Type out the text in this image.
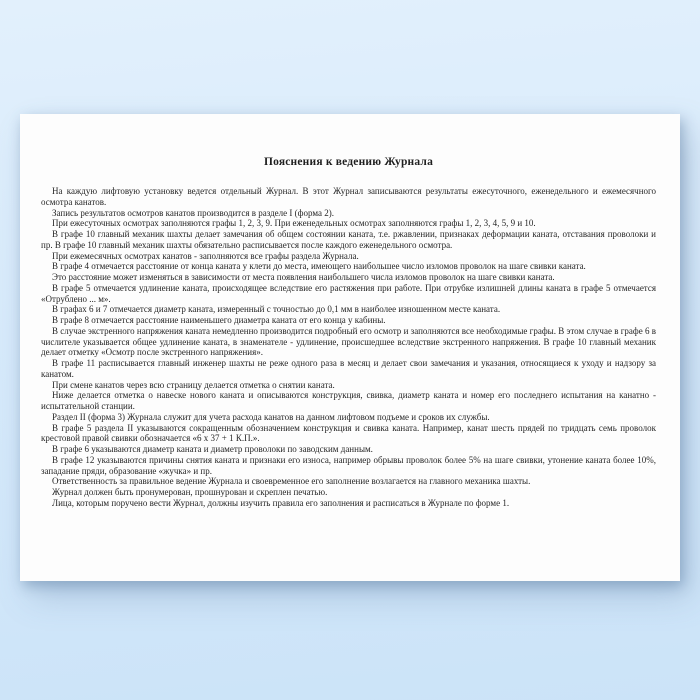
Пояснения к ведению Журнала

На каждую лифтовую установку ведется отдельный Журнал. В этот Журнал записываются результаты ежесуточного, еженедельного и ежемесячного осмотра канатов.

Запись результатов осмотров канатов производится в разделе I (форма 2).

При ежесуточных осмотрах заполняются графы 1, 2, 3, 9. При еженедельных осмотрах заполняются графы 1, 2, 3, 4, 5, 9 и 10.

В графе 10 главный механик шахты делает замечания об общем состоянии каната, т.е. ржавлении, признаках деформации каната, отставания проволоки и пр. В графе 10 главный механик шахты обязательно расписывается после каждого еженедельного осмотра.

При ежемесячных осмотрах канатов - заполняются все графы раздела Журнала.

В графе 4 отмечается расстояние от конца каната у клети до места, имеющего наибольшее число изломов проволок на шаге свивки каната.

Это расстояние может изменяться в зависимости от места появления наибольшего числа изломов проволок на шаге свивки каната.

В графе 5 отмечается удлинение каната, происходящее вследствие его растяжения при работе. При отрубке излишней длины каната в графе 5 отмечается «Отрублено ... м».

В графах 6 и 7 отмечается диаметр каната, измеренный с точностью до 0,1 мм в наиболее изношенном месте каната.

В графе 8 отмечается расстояние наименьшего диаметра каната от его конца у кабины.

В случае экстренного напряжения каната немедленно производится подробный его осмотр и заполняются все необходимые графы. В этом случае в графе 6 в числителе указывается общее удлинение каната, в знаменателе - удлинение, происшедшее вследствие экстренного напряжения. В графе 10 главный механик делает отметку «Осмотр после экстренного напряжения».

В графе 11 расписывается главный инженер шахты не реже одного раза в месяц и делает свои замечания и указания, относящиеся к уходу и надзору за канатом.

При смене канатов через всю страницу делается отметка о снятии каната.

Ниже делается отметка о навеске нового каната и описываются конструкция, свивка, диаметр каната и номер его последнего испытания на канатно - испытательной станции.

Раздел II (форма 3) Журнала служит для учета расхода канатов на данном лифтовом подъеме и сроков их службы.

В графе 5 раздела II указываются сокращенным обозначением конструкция и свивка каната. Например, канат шесть прядей по тридцать семь проволок крестовой правой свивки обозначается «6 х 37 + 1 К.П.».

В графе 6 указываются диаметр каната и диаметр проволоки по заводским данным.

В графе 12 указываются причины снятия каната и признаки его износа, например обрывы проволок более 5% на шаге свивки, утонение каната более 10%, западание пряди, образование «жучка» и пр.

Ответственность за правильное ведение Журнала и своевременное его заполнение возлагается на главного механика шахты.

Журнал должен быть пронумерован, прошнурован и скреплен печатью.

Лица, которым поручено вести Журнал, должны изучить правила его заполнения и расписаться в Журнале по форме 1.
